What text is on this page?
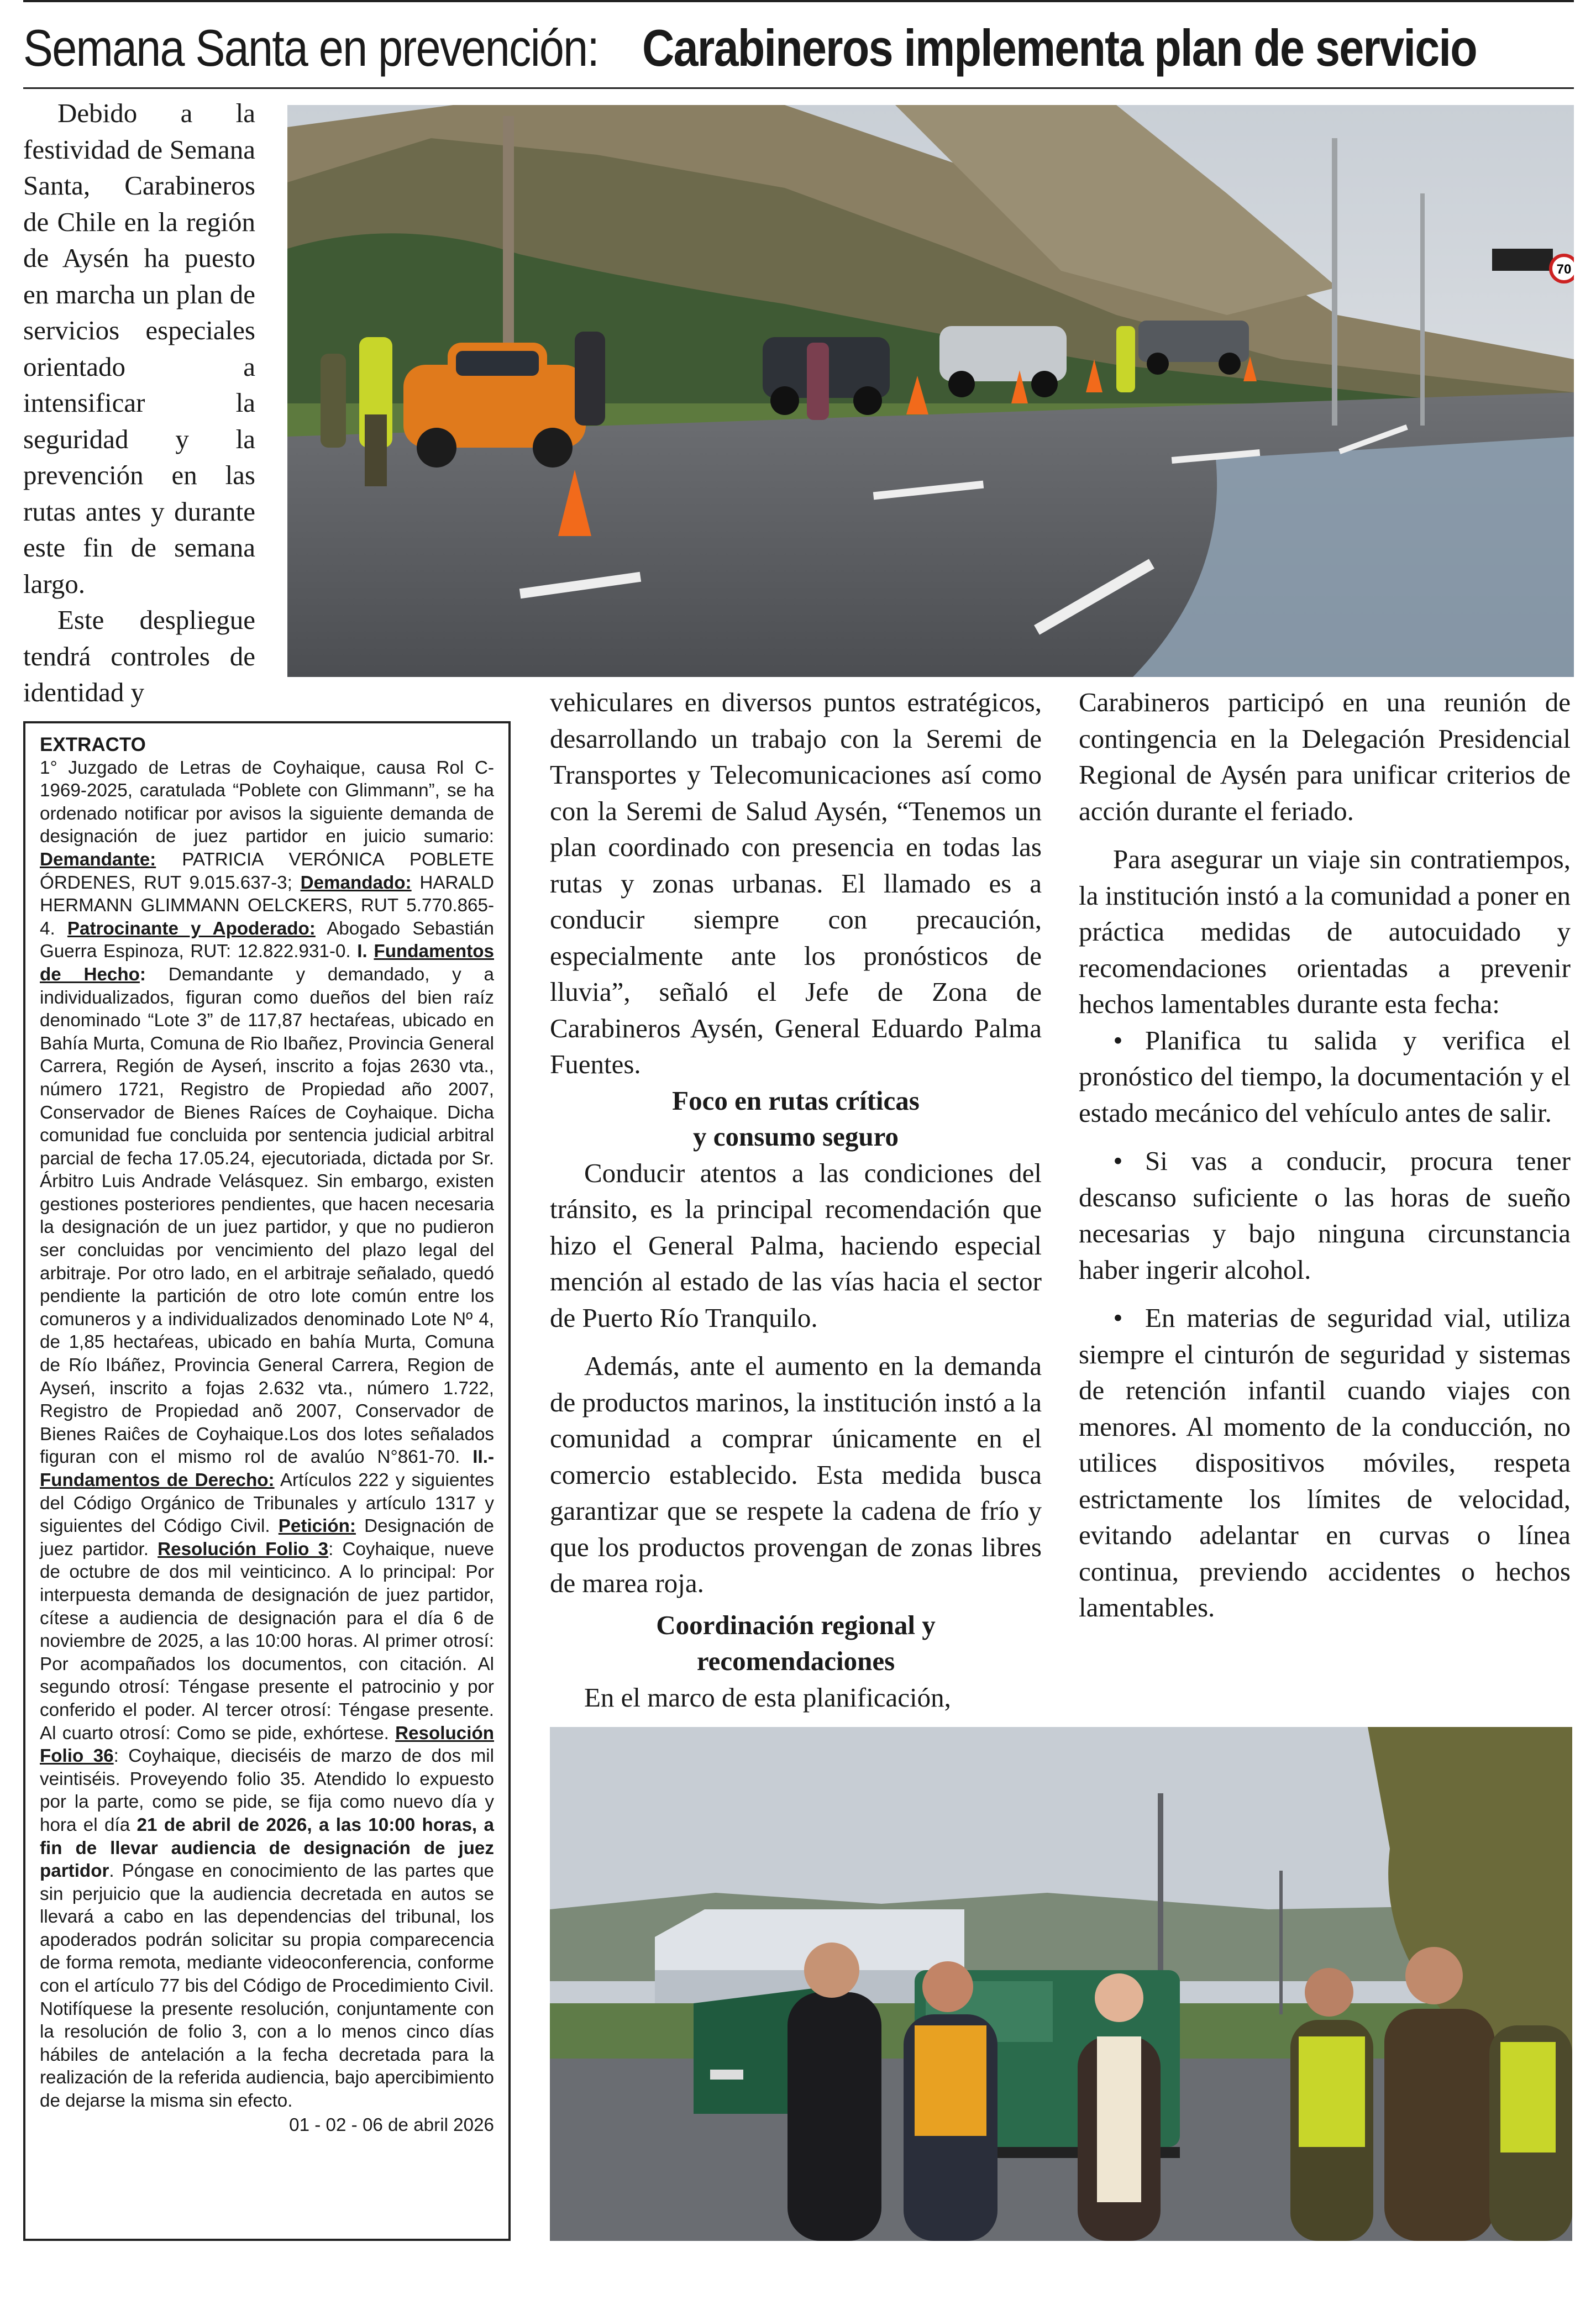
Semana Santa en prevención: Carabineros implementa plan de servicio

Debido a la festividad de Semana Santa, Carabineros de Chile en la región de Aysén ha puesto en marcha un plan de servicios especiales orientado a intensificar la seguridad y la prevención en las rutas antes y durante este fin de semana largo.

Este despliegue tendrá controles de identidad y

70

vehiculares en diversos puntos estratégicos, desarrollando un trabajo con la Seremi de Transportes y Telecomunicaciones así como con la Seremi de Salud Aysén, “Tenemos un plan coordinado con presencia en todas las rutas y zonas urbanas. El llamado es a conducir siempre con precaución, especialmente ante los pronósticos de lluvia”, señaló el Jefe de Zona de Carabineros Aysén, General Eduardo Palma Fuentes.

Foco en rutas críticas
y consumo seguro

Conducir atentos a las condiciones del tránsito, es la principal recomendación que hizo el General Palma, haciendo especial mención al estado de las vías hacia el sector de Puerto Río Tranquilo.

Además, ante el aumento en la demanda de productos marinos, la institución instó a la comunidad a comprar únicamente en el comercio establecido. Esta medida busca garantizar que se respete la cadena de frío y que los productos provengan de zonas libres de marea roja.

Coordinación regional y
recomendaciones

En el marco de esta planificación,

Carabineros participó en una reunión de contingencia en la Delegación Presidencial Regional de Aysén para unificar criterios de acción durante el feriado.

Para asegurar un viaje sin contratiempos, la institución instó a la comunidad a poner en práctica medidas de autocuidado y recomendaciones orientadas a prevenir hechos lamentables durante esta fecha:

• Planifica tu salida y verifica el pronóstico del tiempo, la documentación y el estado mecánico del vehículo antes de salir.

• Si vas a conducir, procura tener descanso suficiente o las horas de sueño necesarias y bajo ninguna circunstancia haber ingerir alcohol.

• En materias de seguridad vial, utiliza siempre el cinturón de seguridad y sistemas de retención infantil cuando viajes con menores. Al momento de la conducción, no utilices dispositivos móviles, respeta estrictamente los límites de velocidad, evitando adelantar en curvas o línea continua, previendo accidentes o hechos lamentables.

EXTRACTO
1° Juzgado de Letras de Coyhaique, causa Rol C-1969-2025, caratulada “Poblete con Glimmann”, se ha ordenado notificar por avisos la siguiente demanda de designación de juez partidor en juicio sumario: Demandante: PATRICIA VERÓNICA POBLETE ÓRDENES, RUT 9.015.637-3; Demandado: HARALD HERMANN GLIMMANN OELCKERS, RUT 5.770.865-4. Patrocinante y Apoderado: Abogado Sebastián Guerra Espinoza, RUT: 12.822.931-0. I. Fundamentos de Hecho: Demandante y demandado, y a individualizados, figuran como dueños del bien raíz denominado “Lote 3” de 117,87 hectaŕeas, ubicado en Bahía Murta, Comuna de Rio Ibañez, Provincia General Carrera, Región de Ayseń, inscrito a fojas 2630 vta., número 1721, Registro de Propiedad año 2007, Conservador de Bienes Raíces de Coyhaique. Dicha comunidad fue concluida por sentencia judicial arbitral parcial de fecha 17.05.24, ejecutoriada, dictada por Sr. Árbitro Luis Andrade Velásquez. Sin embargo, existen gestiones posteriores pendientes, que hacen necesaria la designación de un juez partidor, y que no pudieron ser concluidas por vencimiento del plazo legal del arbitraje. Por otro lado, en el arbitraje señalado, quedó pendiente la partición de otro lote común entre los comuneros y a individualizados denominado Lote Nº 4, de 1,85 hectaŕeas, ubicado en bahía Murta, Comuna de Río Ibáñez, Provincia General Carrera, Region de Ayseń, inscrito a fojas 2.632 vta., número 1.722, Registro de Propiedad anõ 2007, Conservador de Bienes Raiĉes de Coyhaique.Los dos lotes señalados figuran con el mismo rol de avalúo N°861-70. II.- Fundamentos de Derecho: Artículos 222 y siguientes del Código Orgánico de Tribunales y artículo 1317 y siguientes del Código Civil. Petición: Designación de juez partidor. Resolución Folio 3: Coyhaique, nueve de octubre de dos mil veinticinco. A lo principal: Por interpuesta demanda de designación de juez partidor, cítese a audiencia de designación para el día 6 de noviembre de 2025, a las 10:00 horas. Al primer otrosí: Por acompañados los documentos, con citación. Al segundo otrosí: Téngase presente el patrocinio y por conferido el poder. Al tercer otrosí: Téngase presente. Al cuarto otrosí: Como se pide, exhórtese. Resolución Folio 36: Coyhaique, dieciséis de marzo de dos mil veintiséis. Proveyendo folio 35. Atendido lo expuesto por la parte, como se pide, se fija como nuevo día y hora el día 21 de abril de 2026, a las 10:00 horas, a fin de llevar audiencia de designación de juez partidor. Póngase en conocimiento de las partes que sin perjuicio que la audiencia decretada en autos se llevará a cabo en las dependencias del tribunal, los apoderados podrán solicitar su propia comparecencia de forma remota, mediante videoconferencia, conforme con el artículo 77 bis del Código de Procedimiento Civil. Notifíquese la presente resolución, conjuntamente con la resolución de folio 3, con a lo menos cinco días hábiles de antelación a la fecha decretada para la realización de la referida audiencia, bajo apercibimiento de dejarse la misma sin efecto.
01 - 02 - 06 de abril 2026
